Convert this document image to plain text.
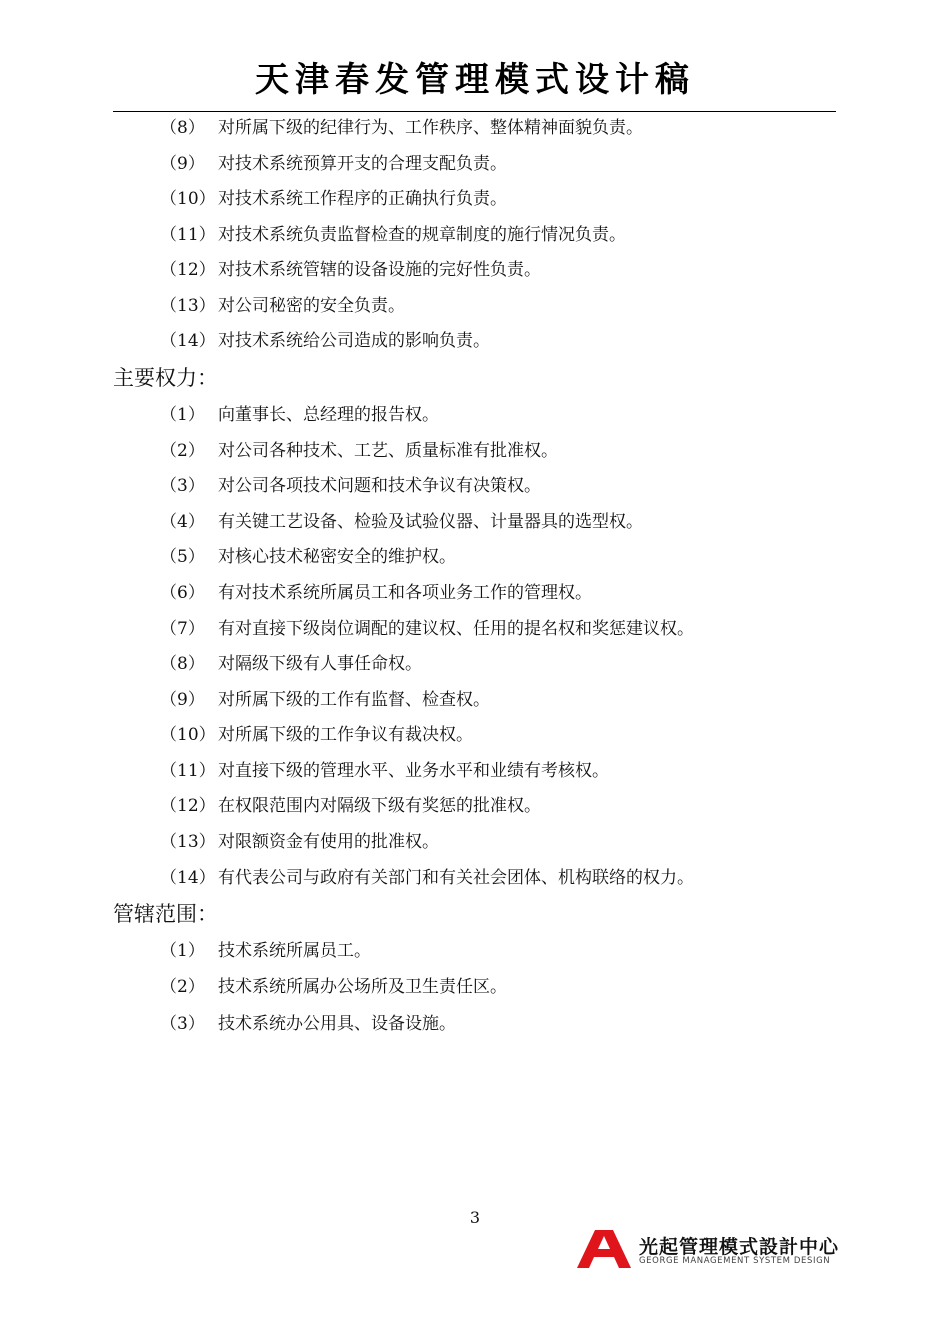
天津春发管理模式设计稿
（8） 对所属下级的纪律行为、工作秩序、整体精神面貌负责。
（9） 对技术系统预算开支的合理支配负责。
（10） 对技术系统工作程序的正确执行负责。
（11） 对技术系统负责监督检查的规章制度的施行情况负责。
（12） 对技术系统管辖的设备设施的完好性负责。
（13） 对公司秘密的安全负责。
（14） 对技术系统给公司造成的影响负责。
主要权力：
（1） 向董事长、总经理的报告权。
（2） 对公司各种技术、工艺、质量标准有批准权。
（3） 对公司各项技术问题和技术争议有决策权。
（4） 有关键工艺设备、检验及试验仪器、计量器具的选型权。
（5） 对核心技术秘密安全的维护权。
（6） 有对技术系统所属员工和各项业务工作的管理权。
（7） 有对直接下级岗位调配的建议权、任用的提名权和奖惩建议权。
（8） 对隔级下级有人事任命权。
（9） 对所属下级的工作有监督、检查权。
（10） 对所属下级的工作争议有裁决权。
（11） 对直接下级的管理水平、业务水平和业绩有考核权。
（12） 在权限范围内对隔级下级有奖惩的批准权。
（13） 对限额资金有使用的批准权。
（14） 有代表公司与政府有关部门和有关社会团体、机构联络的权力。
管辖范围：
（1） 技术系统所属员工。
（2） 技术系统所属办公场所及卫生责任区。
（3） 技术系统办公用具、设备设施。
3
光起管理模式設計中心
GEORGE MANAGEMENT SYSTEM DESIGN
